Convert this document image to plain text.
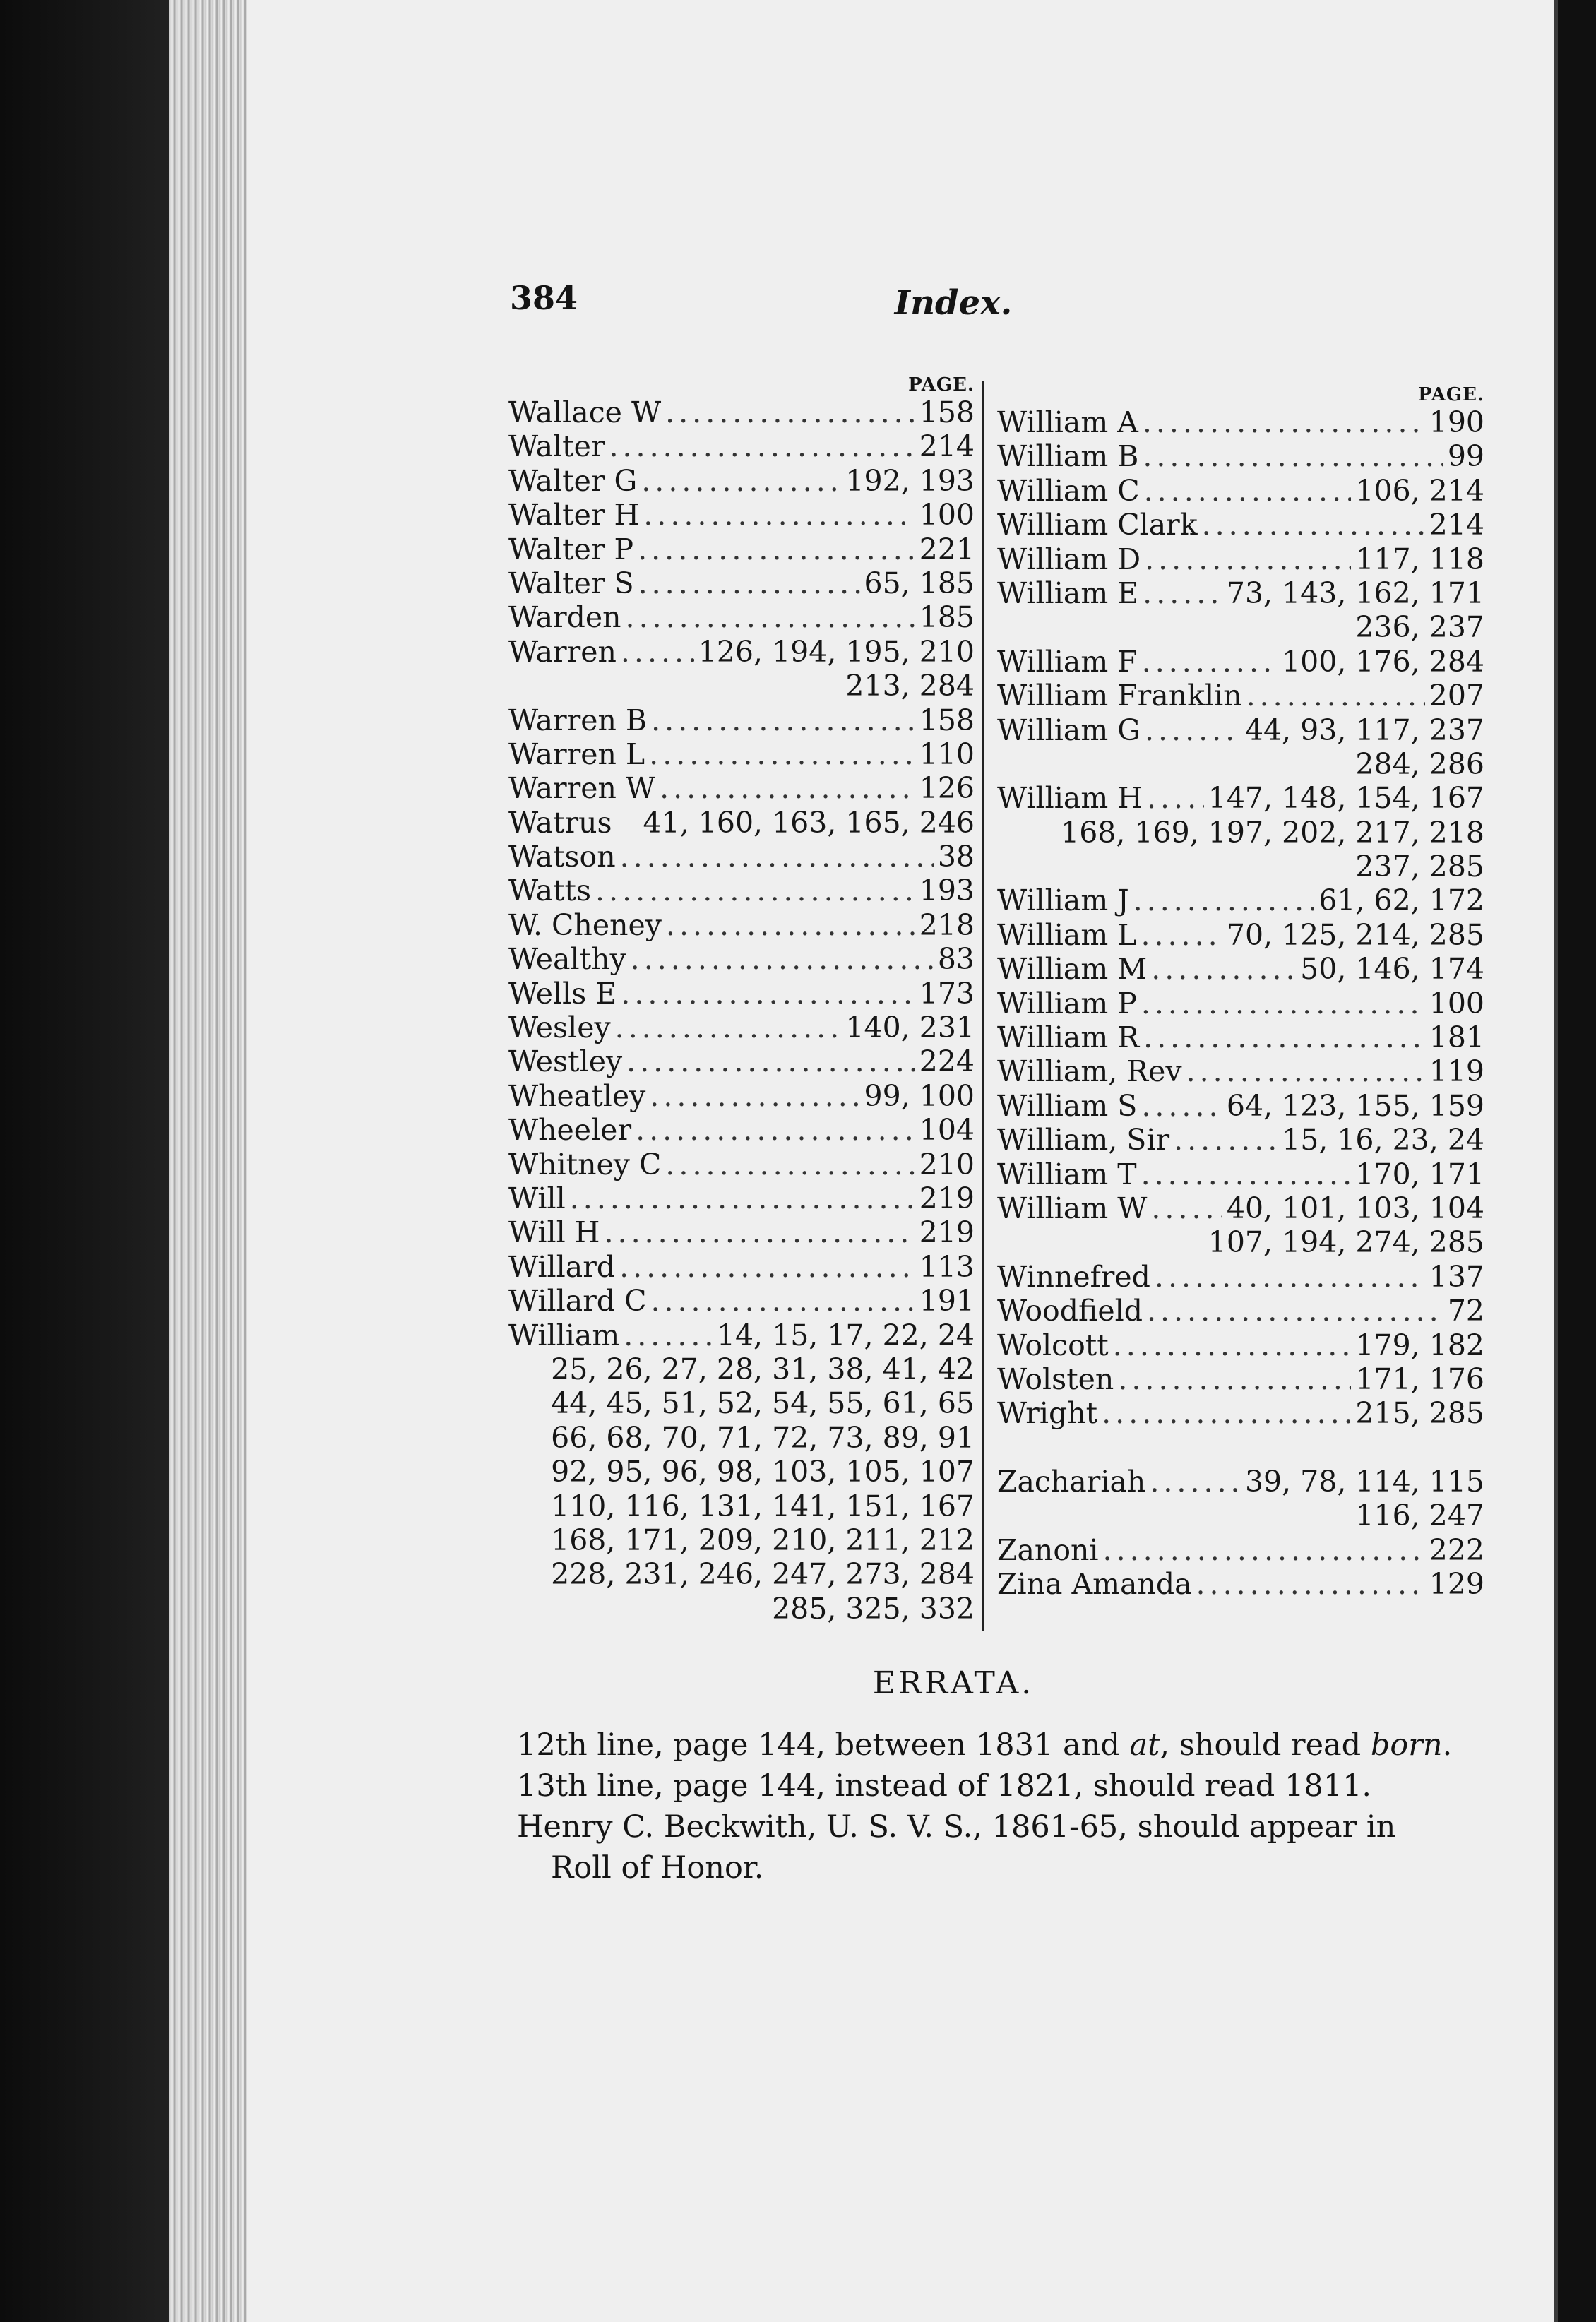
384	Index.
PAGE.
Wallace W .....	158
Walter .....	214
Walter G .....	192, 193
Walter H .....	100
Walter P .....	221
Walter S .....	65, 185
Warden .....	185
Warren .....	126, 194, 195, 210
213, 284
Warren B .....	158
Warren L .....	110
Warren W .....	126
Watrus 41, 160, 163, 165, 246
Watson .....	38
Watts .....	193
W. Cheney .....	218
Wealthy .....	83
Wells E .....	173
Wesley .....	140, 231
Westley .....	224
Wheatley .....	99, 100
Wheeler .....	104
Whitney C .....	210
Will .....	219
Will H .....	219
Willard .....	113
Willard C .....	191
William .....	14, 15, 17, 22, 24
25, 26, 27, 28, 31, 38, 41, 42
44, 45, 51, 52, 54, 55, 61, 65
66, 68, 70, 71, 72, 73, 89, 91
92, 95, 96, 98, 103, 105, 107
110, 116, 131, 141, 151, 167
168, 171, 209, 210, 211, 212
228, 231, 246, 247, 273, 284
285, 325, 332
PAGE.
William A .....	190
William B .....	99
William C .....	106, 214
William Clark .....	214
William D .....	117, 118
William E .....	73, 143, 162, 171
236, 237
William F .....	100, 176, 284
William Franklin .....	207
William G .....	44, 93, 117, 237
284, 286
William H ..... 147, 148, 154, 167
168, 169, 197, 202, 217, 218
237, 285
William J .....	61, 62, 172
William L .....	70, 125, 214, 285
William M .....	50, 146, 174
William P .....	100
William R .....	181
William, Rev .....	119
William S .....	64, 123, 155, 159
William, Sir .....	15, 16, 23, 24
William T .....	170, 171
William W .....	40, 101, 103, 104
107, 194, 274, 285
Winnefred .....	137
Woodfield .....	72
Wolcott .....	179, 182
Wolsten .....	171, 176
Wright .....	215, 285
Zachariah .....	39, 78, 114, 115
116, 247
Zanoni .....	222
Zina Amanda .....	129
ERRATA.
12th line, page 144, between 1831 and at, should read born.
13th line, page 144, instead of 1821, should read 1811.
Henry C. Beckwith, U. S. V. S., 1861-65, should appear in
Roll of Honor.
